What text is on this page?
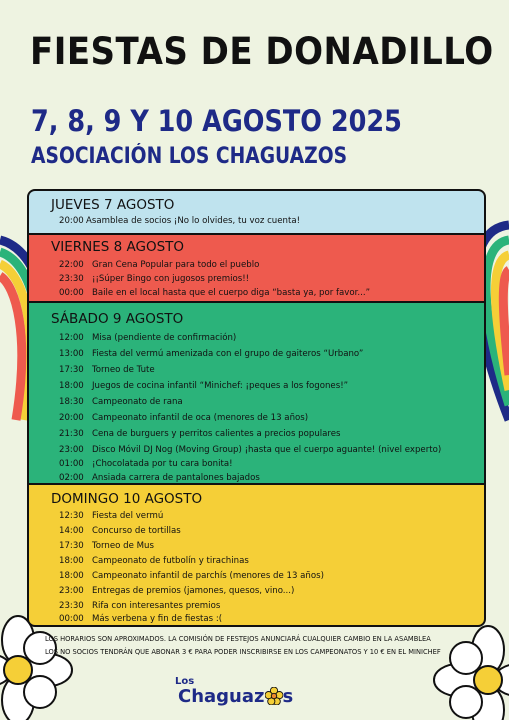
FIESTAS DE DONADILLO
7, 8, 9 Y 10 AGOSTO 2025
ASOCIACIÓN LOS CHAGUAZOS
JUEVES 7 AGOSTO
20:00 Asamblea de socios ¡No lo olvides, tu voz cuenta!
VIERNES 8 AGOSTO
22:00 Gran Cena Popular para todo el pueblo
23:30 ¡¡Súper Bingo con jugosos premios!!
00:00 Baile en el local hasta que el cuerpo diga “basta ya, por favor...”
SÁBADO 9 AGOSTO
12:00 Misa (pendiente de confirmación)
13:00 Fiesta del vermú amenizada con el grupo de gaiteros “Urbano”
17:30 Torneo de Tute
18:00 Juegos de cocina infantil “Minichef: ¡peques a los fogones!”
18:30 Campeonato de rana
20:00 Campeonato infantil de oca (menores de 13 años)
21:30 Cena de burguers y perritos calientes a precios populares
23:00 Disco Móvil DJ Nog (Moving Group) ¡hasta que el cuerpo aguante! (nivel experto)
01:00 ¡Chocolatada por tu cara bonita!
02:00 Ansiada carrera de pantalones bajados
DOMINGO 10 AGOSTO
12:30 Fiesta del vermú
14:00 Concurso de tortillas
17:30 Torneo de Mus
18:00 Campeonato de futbolín y tirachinas
18:00 Campeonato infantil de parchís (menores de 13 años)
23:00 Entregas de premios (jamones, quesos, vino...)
23:30 Rifa con interesantes premios
00:00 Más verbena y fin de fiestas :(
LOS HORARIOS SON APROXIMADOS. LA COMISIÓN DE FESTEJOS ANUNCIARÁ CUALQUIER CAMBIO EN LA ASAMBLEA
LOS NO SOCIOS TENDRÁN QUE ABONAR 3 € PARA PODER INSCRIBIRSE EN LOS CAMPEONATOS Y 10 € EN EL MINICHEF
Los
Chaguaz s
